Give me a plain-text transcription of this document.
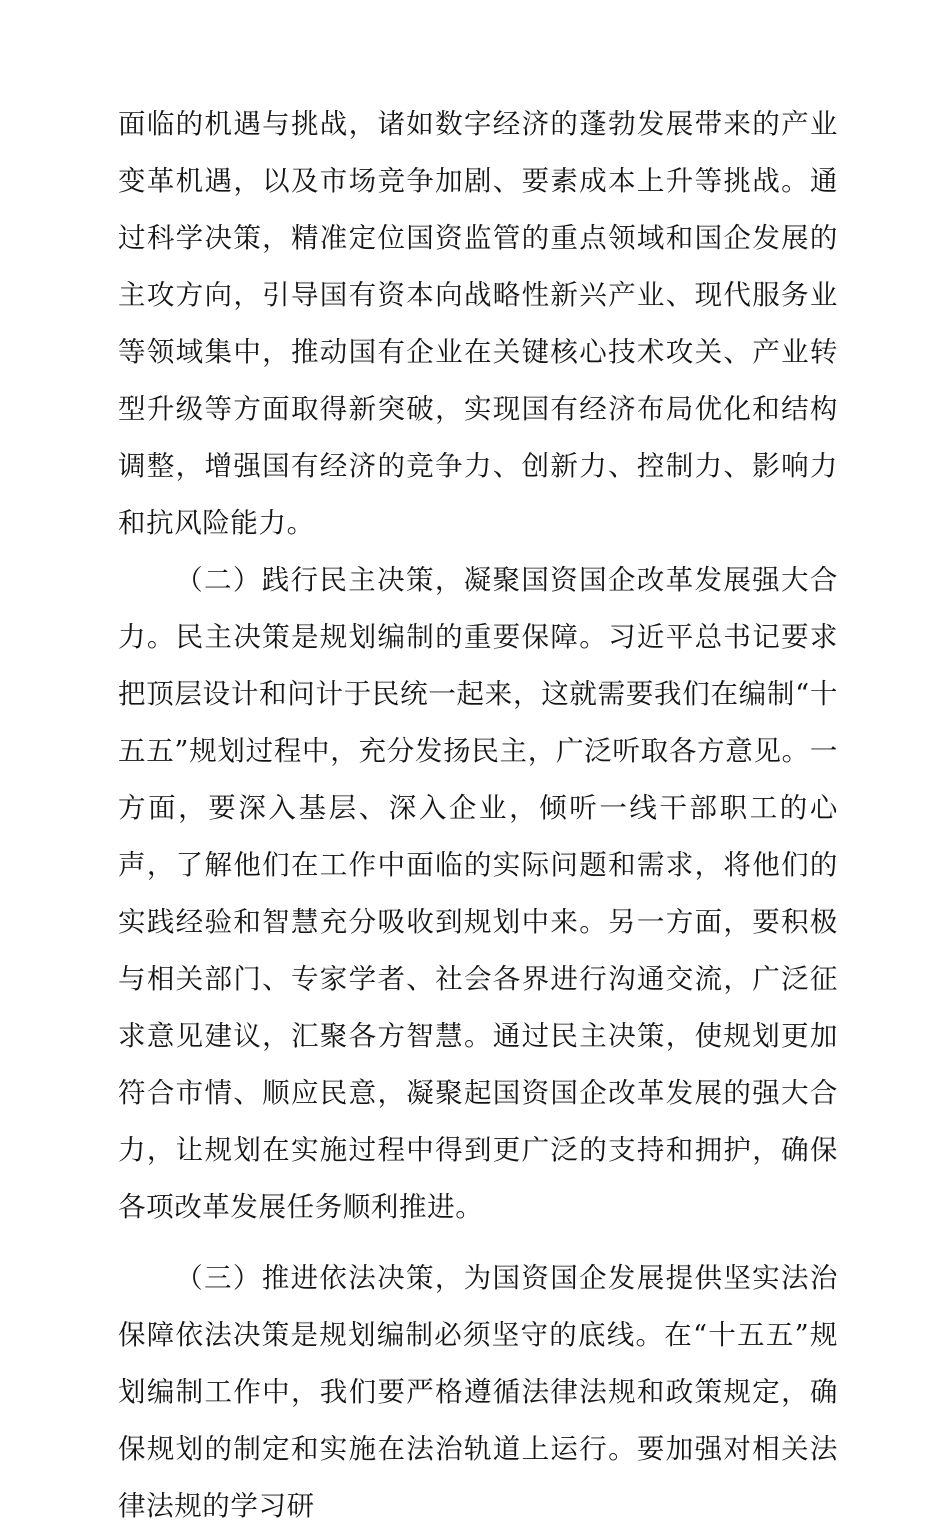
面临的机遇与挑战，诸如数字经济的蓬勃发展带来的产业变革机遇，以及市场竞争加剧、要素成本上升等挑战。通过科学决策，精准定位国资监管的重点领域和国企发展的主攻方向，引导国有资本向战略性新兴产业、现代服务业等领域集中，推动国有企业在关键核心技术攻关、产业转型升级等方面取得新突破，实现国有经济布局优化和结构调整，增强国有经济的竞争力、创新力、控制力、影响力和抗风险能力。

（二）践行民主决策，凝聚国资国企改革发展强大合力。民主决策是规划编制的重要保障。习近平总书记要求把顶层设计和问计于民统一起来，这就需要我们在编制“十五五”规划过程中，充分发扬民主，广泛听取各方意见。一方面，要深入基层、深入企业，倾听一线干部职工的心声，了解他们在工作中面临的实际问题和需求，将他们的实践经验和智慧充分吸收到规划中来。另一方面，要积极与相关部门、专家学者、社会各界进行沟通交流，广泛征求意见建议，汇聚各方智慧。通过民主决策，使规划更加符合市情、顺应民意，凝聚起国资国企改革发展的强大合力，让规划在实施过程中得到更广泛的支持和拥护，确保各项改革发展任务顺利推进。

（三）推进依法决策，为国资国企发展提供坚实法治保障依法决策是规划编制必须坚守的底线。在“十五五”规划编制工作中，我们要严格遵循法律法规和政策规定，确保规划的制定和实施在法治轨道上运行。要加强对相关法律法规的学习研
